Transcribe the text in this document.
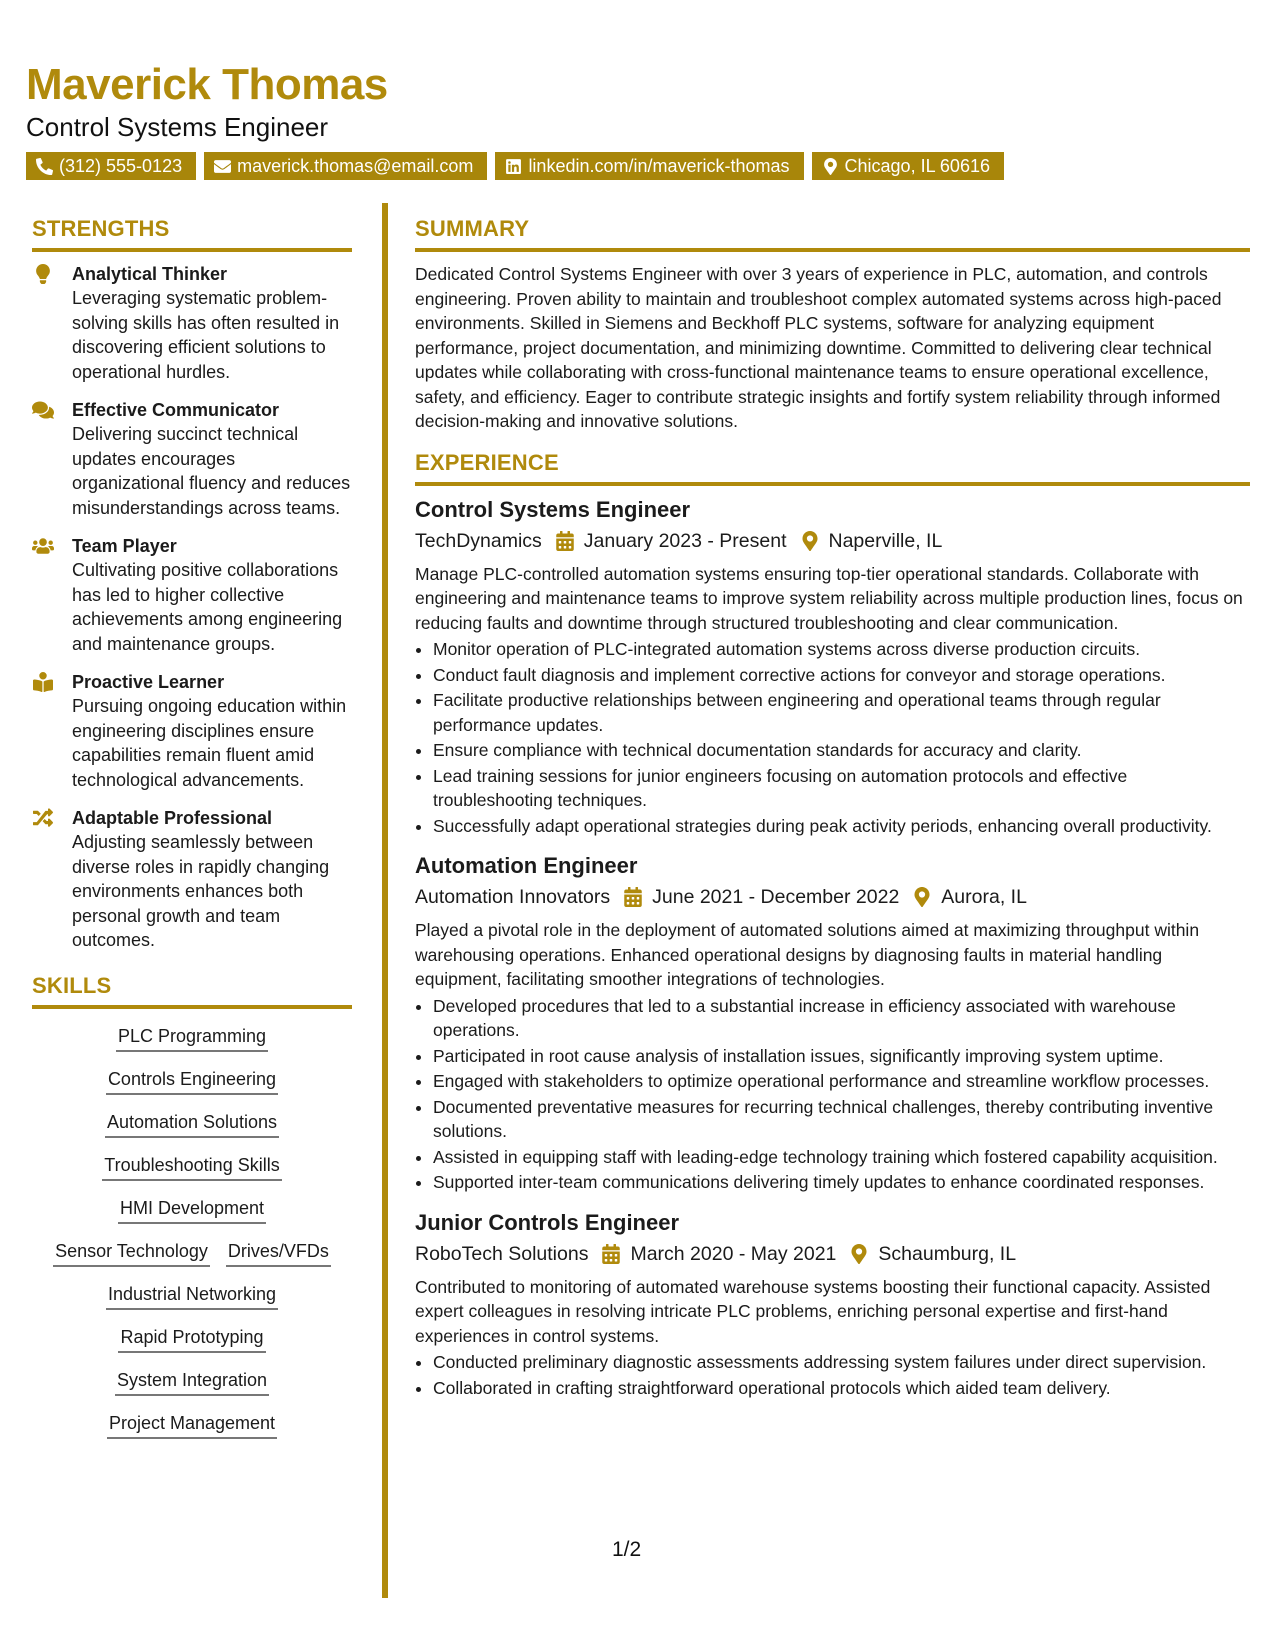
Maverick Thomas
Control Systems Engineer
(312) 555-0123	maverick.thomas@email.com	linkedin.com/in/maverick-thomas	Chicago, IL 60616
STRENGTHS
Analytical Thinker
Leveraging systematic problem-solving skills has often resulted in discovering efficient solutions to operational hurdles.
Effective Communicator
Delivering succinct technical updates encourages organizational fluency and reduces misunderstandings across teams.
Team Player
Cultivating positive collaborations has led to higher collective achievements among engineering and maintenance groups.
Proactive Learner
Pursuing ongoing education within engineering disciplines ensure capabilities remain fluent amid technological advancements.
Adaptable Professional
Adjusting seamlessly between diverse roles in rapidly changing environments enhances both personal growth and team outcomes.
SKILLS
PLC Programming
Controls Engineering
Automation Solutions
Troubleshooting Skills
HMI Development
Sensor Technology Drives/VFDs
Industrial Networking
Rapid Prototyping
System Integration
Project Management
SUMMARY

Dedicated Control Systems Engineer with over 3 years of experience in PLC, automation, and controls engineering. Proven ability to maintain and troubleshoot complex automated systems across high-paced environments. Skilled in Siemens and Beckhoff PLC systems, software for analyzing equipment performance, project documentation, and minimizing downtime. Committed to delivering clear technical updates while collaborating with cross-functional maintenance teams to ensure operational excellence, safety, and efficiency. Eager to contribute strategic insights and fortify system reliability through informed decision-making and innovative solutions.

EXPERIENCE
Control Systems Engineer
TechDynamics January 2023 - Present Naperville, IL
Manage PLC-controlled automation systems ensuring top-tier operational standards. Collaborate with engineering and maintenance teams to improve system reliability across multiple production lines, focus on reducing faults and downtime through structured troubleshooting and clear communication.
• Monitor operation of PLC-integrated automation systems across diverse production circuits.
• Conduct fault diagnosis and implement corrective actions for conveyor and storage operations.
• Facilitate productive relationships between engineering and operational teams through regular performance updates.
• Ensure compliance with technical documentation standards for accuracy and clarity.
• Lead training sessions for junior engineers focusing on automation protocols and effective troubleshooting techniques.
• Successfully adapt operational strategies during peak activity periods, enhancing overall productivity.
Automation Engineer
Automation Innovators June 2021 - December 2022 Aurora, IL
Played a pivotal role in the deployment of automated solutions aimed at maximizing throughput within warehousing operations. Enhanced operational designs by diagnosing faults in material handling equipment, facilitating smoother integrations of technologies.
• Developed procedures that led to a substantial increase in efficiency associated with warehouse operations.
• Participated in root cause analysis of installation issues, significantly improving system uptime.
• Engaged with stakeholders to optimize operational performance and streamline workflow processes.
• Documented preventative measures for recurring technical challenges, thereby contributing inventive solutions.
• Assisted in equipping staff with leading-edge technology training which fostered capability acquisition.
• Supported inter-team communications delivering timely updates to enhance coordinated responses.
Junior Controls Engineer
RoboTech Solutions March 2020 - May 2021 Schaumburg, IL
Contributed to monitoring of automated warehouse systems boosting their functional capacity. Assisted expert colleagues in resolving intricate PLC problems, enriching personal expertise and first-hand experiences in control systems.
• Conducted preliminary diagnostic assessments addressing system failures under direct supervision.
• Collaborated in crafting straightforward operational protocols which aided team delivery.
1/2
